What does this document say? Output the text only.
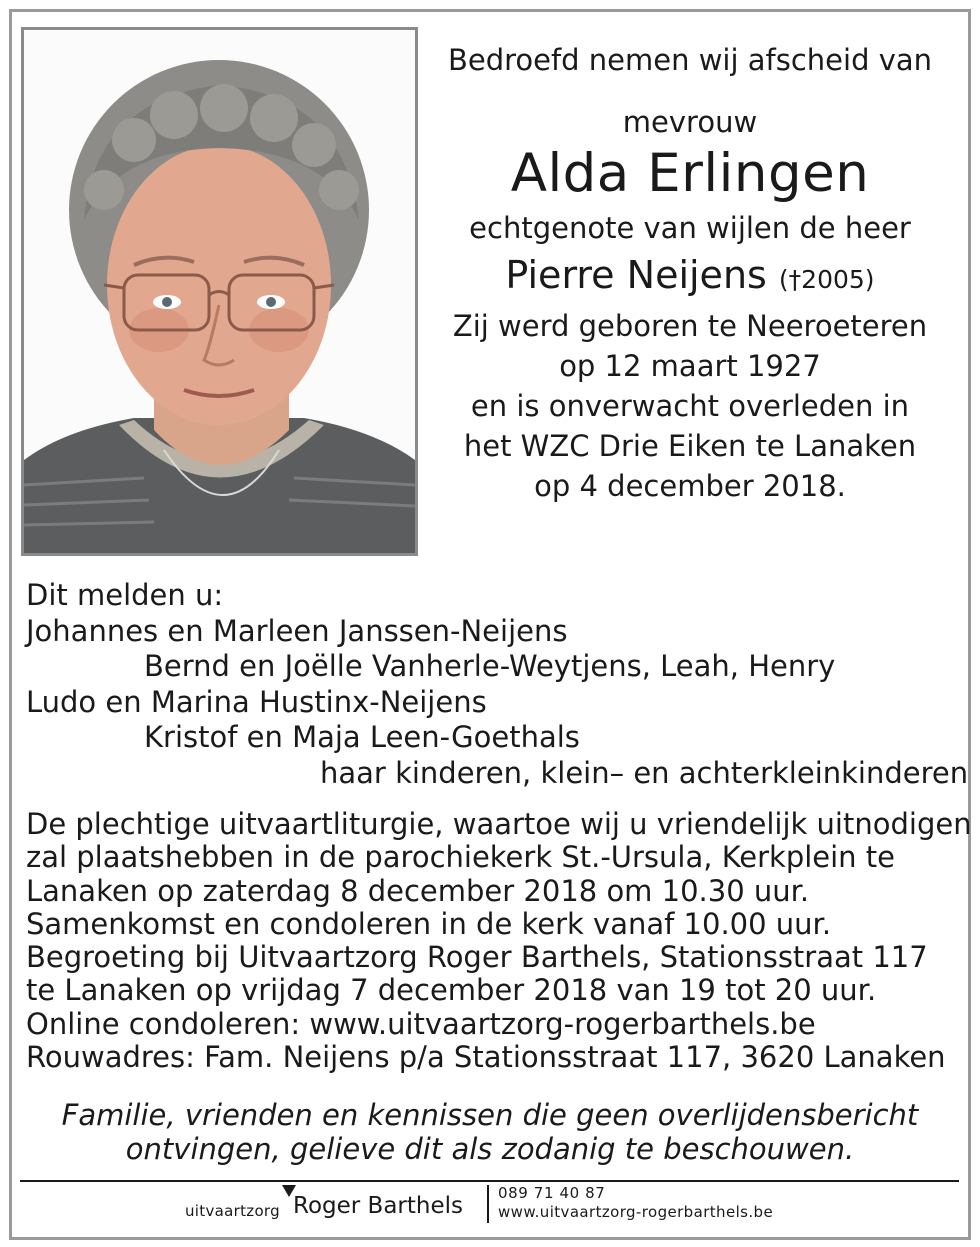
Bedroefd nemen wij afscheid van
mevrouw
Alda Erlingen
echtgenote van wijlen de heer
Pierre Neijens (†2005)
Zij werd geboren te Neeroeteren
op 12 maart 1927
en is onverwacht overleden in
het WZC Drie Eiken te Lanaken
op 4 december 2018.
Dit melden u:
Johannes en Marleen Janssen-Neijens
Bernd en Joëlle Vanherle-Weytjens, Leah, Henry
Ludo en Marina Hustinx-Neijens
Kristof en Maja Leen-Goethals
haar kinderen, klein– en achterkleinkinderen
De plechtige uitvaartliturgie, waartoe wij u vriendelijk uitnodigen
zal plaatshebben in de parochiekerk St.-Ursula, Kerkplein te
Lanaken op zaterdag 8 december 2018 om 10.30 uur.
Samenkomst en condoleren in de kerk vanaf 10.00 uur.
Begroeting bij Uitvaartzorg Roger Barthels, Stationsstraat 117
te Lanaken op vrijdag 7 december 2018 van 19 tot 20 uur.
Online condoleren: www.uitvaartzorg-rogerbarthels.be
Rouwadres: Fam. Neijens p/a Stationsstraat 117, 3620 Lanaken
Familie, vrienden en kennissen die geen overlijdensbericht
ontvingen, gelieve dit als zodanig te beschouwen.
uitvaartzorg Roger Barthels 089 71 40 87
www.uitvaartzorg-rogerbarthels.be
